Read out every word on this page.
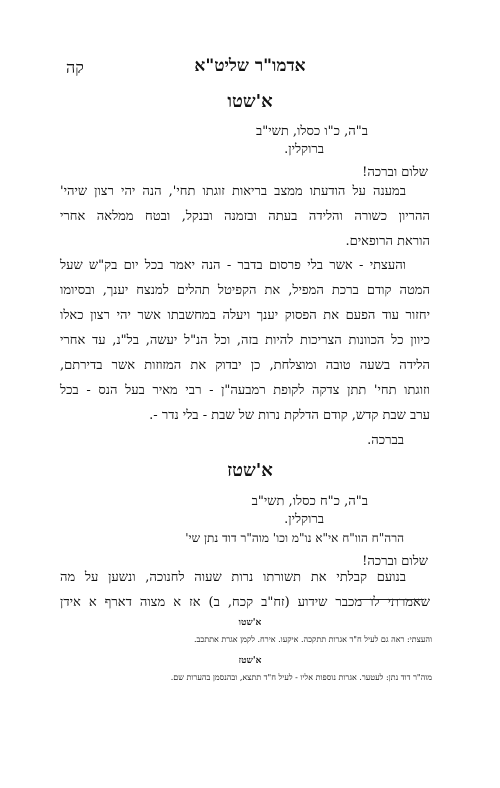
אדמו"ר שליט"א
קה
א'שטו
ב"ה, כ"ו כסלו, תשי"ב
ברוקלין.
שלום וברכה!
במענה על הודעתו ממצב בריאות זוגתו תחי', הנה יהי רצון שיהי'
ההריון כשורה והלידה בעתה ובזמנה ובנקל, ובטח ממלאה אחרי
הוראת הרופאים.
והעצתי - אשר בלי פרסום בדבר - הנה יאמר בכל יום בק"ש שעל
המטה קודם ברכת המפיל, את הקפיטל תהלים למנצח יענך, ובסיומו
יחזור עוד הפעם את הפסוק יענך ויעלה במחשבתו אשר יהי רצון כאלו
כיוון כל הכוונות הצריכות להיות בזה, וכל הנ"ל יעשה, בל"נ, עד אחרי
הלידה בשעה טובה ומוצלחת, כן יבדוק את המזוזות אשר בדירתם,
וזוגתו תחי' תתן צדקה לקופת רמבעה"ן - רבי מאיר בעל הנס - בכל
ערב שבת קדש, קודם הדלקת נרות של שבת - בלי נדר -.
בברכה.
א'שטז
ב"ה, כ"ח כסלו, תשי"ב
ברוקלין.
הרה"ח הוו"ח אי"א נו"מ וכו' מוה"ר דוד נתן שי'
שלום וברכה!
בנועם קבלתי את תשורתו נרות שעוה לחנוכה, ונשען על מה
שאמרתי לו מכבר שידוע (זח"ב קכח, ב) אז א מצוה דארף א אידן
א'שטו
והעצתי: ראה גם לעיל ח"ד אגרות תתקכה. איקעו. אירח. לקמן אגרת אתתכב.
א'שטז
מוה"ר דוד נתן: לעטער. אגרות נוספות אליו - לעיל ח"ד תתצא, ובהנסמן בהערות שם.
